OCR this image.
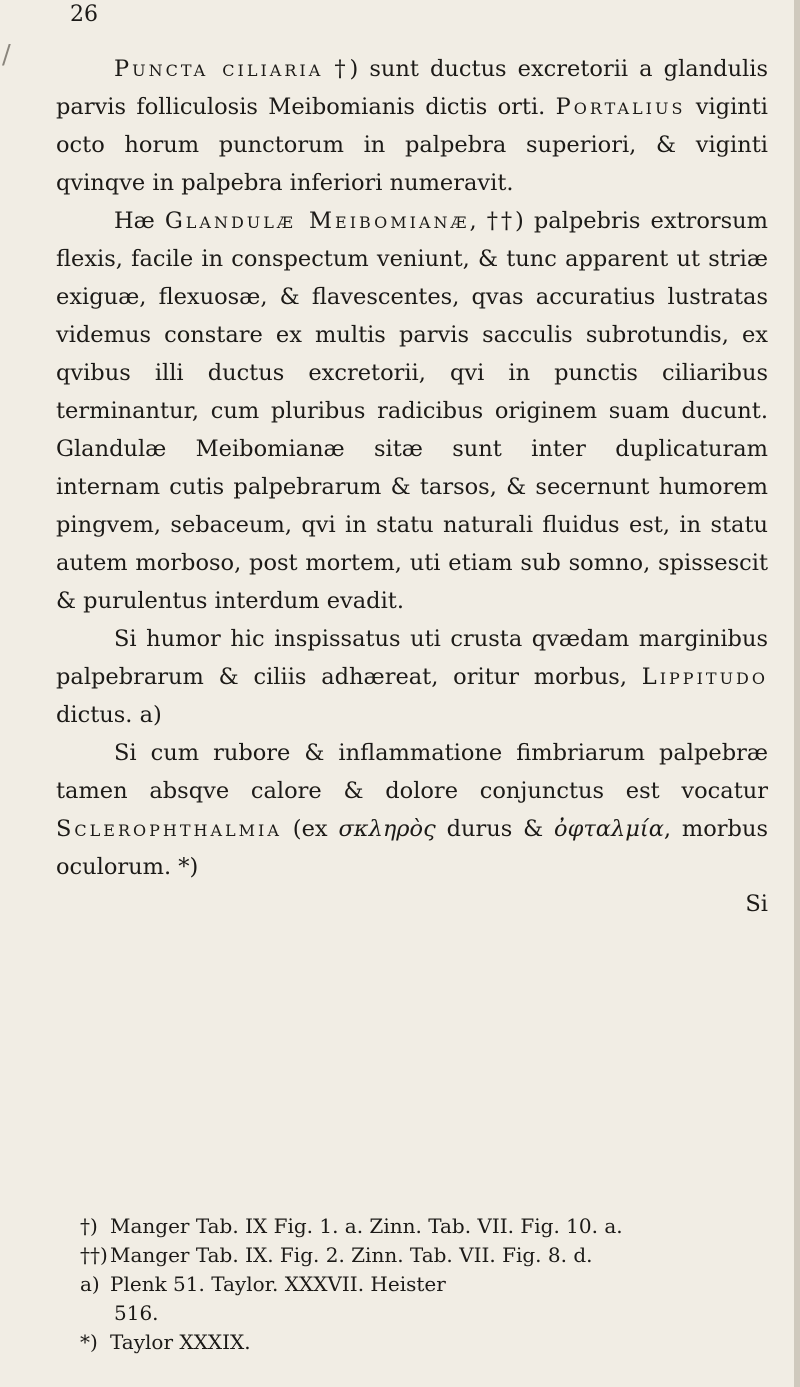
26
/	Puncta ciliaria †) sunt ductus excretorii a glandulis parvis folliculosis Meibomianis dictis orti. Portalius viginti octo horum punctorum in palpebra superiori, & viginti qvinqve in palpebra inferiori numeravit.

Hæ Glandulæ Meibomianæ, ††) palpebris extrorsum flexis, facile in conspectum veniunt, & tunc apparent ut striæ exiguæ, flexuosæ, & flavescentes, qvas accuratius lustratas videmus constare ex multis parvis sacculis subrotundis, ex qvibus illi ductus excretorii, qvi in punctis ciliaribus terminantur, cum pluribus radicibus originem suam ducunt. Glandulæ Meibomianæ sitæ sunt inter duplicaturam internam cutis palpebrarum & tarsos, & secernunt humorem pingvem, sebaceum, qvi in statu naturali fluidus est, in statu autem morboso, post mortem, uti etiam sub somno, spissescit & purulentus interdum evadit.

Si humor hic inspissatus uti crusta qvædam marginibus palpebrarum & ciliis adhæreat, oritur morbus, Lippitudo dictus. a)

Si cum rubore & inflammatione fimbriarum palpebræ tamen absqve calore & dolore conjunctus est vocatur Sclerophthalmia (ex σκληρὸς durus & ὀφταλμία, morbus oculorum. *)

Si
†) Manger Tab. IX Fig. 1. a. Zinn. Tab. VII. Fig. 10. a.
††) Manger Tab. IX. Fig. 2. Zinn. Tab. VII. Fig. 8. d.
a) Plenk 51. Taylor. XXXVII. Heister
516.
*) Taylor XXXIX.
